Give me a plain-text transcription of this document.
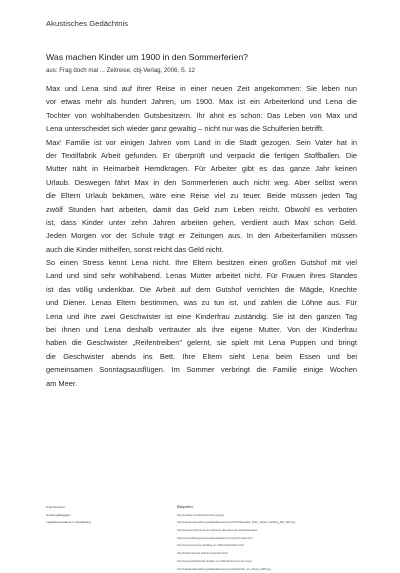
Akustisches Gedächtnis
Was machen Kinder um 1900 in den Sommerferien?
aus: Frag doch mal ... Zeitreise, cbj-Verlag, 2006, S. 12
Max und Lena sind auf ihrer Reise in einer neuen Zeit angekommen: Sie leben nun
vor etwas mehr als hundert Jahren, um 1900. Max ist ein Arbeiterkind und Lena die
Tochter von wohlhabenden Gutsbesitzern. Ihr ahnt es schon: Das Leben von Max und
Lena unterscheidet sich wieder ganz gewaltig – nicht nur was die Schulferien betrifft.
Max' Familie ist vor einigen Jahren vom Land in die Stadt gezogen. Sein Vater hat in
der Textilfabrik Arbeit gefunden. Er überprüft und verpackt die fertigen Stoffballen. Die
Mutter näht in Heimarbeit Hemdkragen. Für Arbeiter gibt es das ganze Jahr keinen
Urlaub. Deswegen fährt Max in den Sommerferien auch nicht weg. Aber selbst wenn
die Eltern Urlaub bekämen, wäre eine Reise viel zu teuer. Beide müssen jeden Tag
zwölf Stunden hart arbeiten, damit das Geld zum Leben reicht. Obwohl es verboten
ist, dass Kinder unter zehn Jahren arbeiten gehen, verdient auch Max schon Geld.
Jeden Morgen vor der Schule trägt er Zeitungen aus. In den Arbeiterfamilien müssen
auch die Kinder mithelfen, sonst reicht das Geld nicht.
So einen Stress kennt Lena nicht. Ihre Eltern besitzen einen großen Gutshof mit viel
Land und sind sehr wohlhabend. Lenas Mutter arbeitet nicht. Für Frauen ihres Standes
ist das völlig undenkbar. Die Arbeit auf dem Gutshof verrichten die Mägde, Knechte
und Diener. Lenas Eltern bestimmen, was zu tun ist, und zahlen die Löhne aus. Für
Lena und ihre zwei Geschwister ist eine Kinderfrau zuständig. Sie ist den ganzen Tag
bei ihnen und Lena deshalb vertrauter als ihre eigene Mutter. Von der Kinderfrau
haben die Geschwister „Reifentreiben" gelernt, sie spielt mit Lena Puppen und bringt
die Geschwister abends ins Bett. Ihre Eltern sieht Lena beim Essen und bei
gemeinsamen Sonntagsausflügen. Im Sommer verbringt die Familie einige Wochen
am Meer.
Anja Dreimler
Sonderpädagogin
Legasthenietrainer in Ausbildung
Bildquellen:
http://pixabay.com/de/dorf-kinder-gruppe/
http://upload.wikimedia.org/wikipedia/commons/1/1f/Kinderarbeit_Baby_Hanna_Heading_Mill_1910.jpg
http://www.geschichte-lernen.de/ueber-das-leben-der-arbeiterfamilien/
https://www.bildungsserver.de/kinderarbeit-im-19-jahrhundert.html
http://www.sammlung.de/alltag-um-1900-reifentreiben.html
http://kinderzeitreise.de/themen/gutshof.html
http://www.wohlhabende-familien-um-1900.de/sommer-am-meer/
http://upload.wikimedia.org/wikipedia/commons/a/a3/Kinder_am_Strand_1905.jpg
